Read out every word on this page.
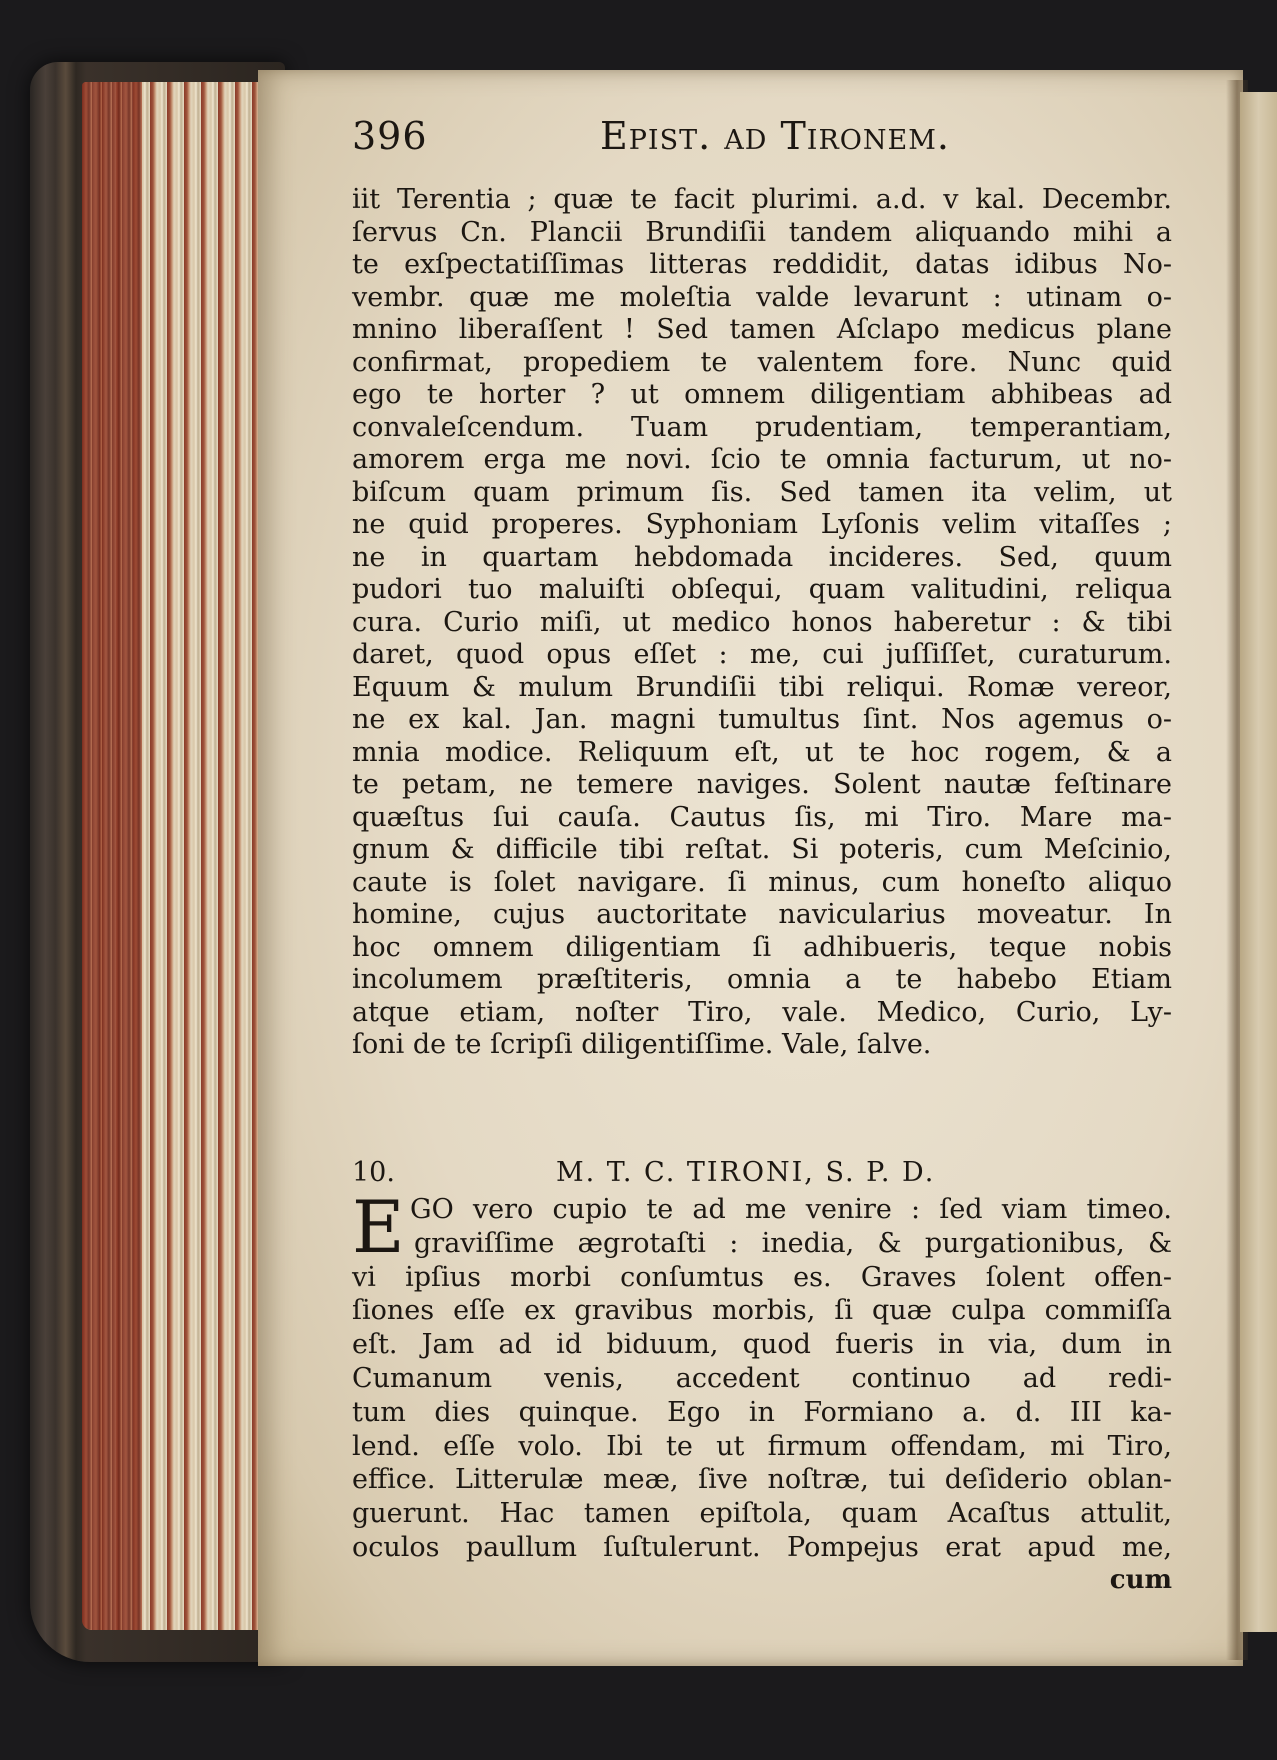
396	Epist. ad Tironem.
iit Terentia ; quæ te facit plurimi. a.d. v kal. Decembr.
ſervus Cn. Plancii Brundiſii tandem aliquando mihi a
te exſpectatiſſimas litteras reddidit, datas idibus No-
vembr. quæ me moleſtia valde levarunt : utinam o-
mnino liberaſſent ! Sed tamen Aſclapo medicus plane
confirmat, propediem te valentem fore. Nunc quid
ego te horter ? ut omnem diligentiam abhibeas ad
convaleſcendum. Tuam prudentiam, temperantiam,
amorem erga me novi. ſcio te omnia facturum, ut no-
biſcum quam primum ſis. Sed tamen ita velim, ut
ne quid properes. Syphoniam Lyſonis velim vitaſſes ;
ne in quartam hebdomada incideres. Sed, quum
pudori tuo maluiſti obſequi, quam valitudini, reliqua
cura. Curio miſi, ut medico honos haberetur : & tibi
daret, quod opus eſſet : me, cui juſſiſſet, curaturum.
Equum & mulum Brundiſii tibi reliqui. Romæ vereor,
ne ex kal. Jan. magni tumultus ſint. Nos agemus o-
mnia modice. Reliquum eſt, ut te hoc rogem, & a
te petam, ne temere naviges. Solent nautæ feſtinare
quæſtus ſui cauſa. Cautus ſis, mi Tiro. Mare ma-
gnum & difficile tibi reſtat. Si poteris, cum Meſcinio,
caute is ſolet navigare. ſi minus, cum honeſto aliquo
homine, cujus auctoritate navicularius moveatur. In
hoc omnem diligentiam ſi adhibueris, teque nobis
incolumem præſtiteris, omnia a te habebo Etiam
atque etiam, noſter Tiro, vale. Medico, Curio, Ly-
ſoni de te ſcripſi diligentiſſime. Vale, ſalve.
10.	M. T. C. TIRONI, S. P. D.
E GO vero cupio te ad me venire : ſed viam timeo.
graviſſime ægrotaſti : inedia, & purgationibus, &
vi ipſius morbi conſumtus es. Graves ſolent offen-
ſiones eſſe ex gravibus morbis, ſi quæ culpa commiſſa
eſt. Jam ad id biduum, quod fueris in via, dum in
Cumanum venis, accedent continuo ad redi-
tum dies quinque. Ego in Formiano a. d. III ka-
lend. eſſe volo. Ibi te ut firmum offendam, mi Tiro,
effice. Litterulæ meæ, ſive noſtræ, tui deſiderio oblan-
guerunt. Hac tamen epiſtola, quam Acaſtus attulit,
oculos paullum ſuſtulerunt. Pompejus erat apud me,
cum
